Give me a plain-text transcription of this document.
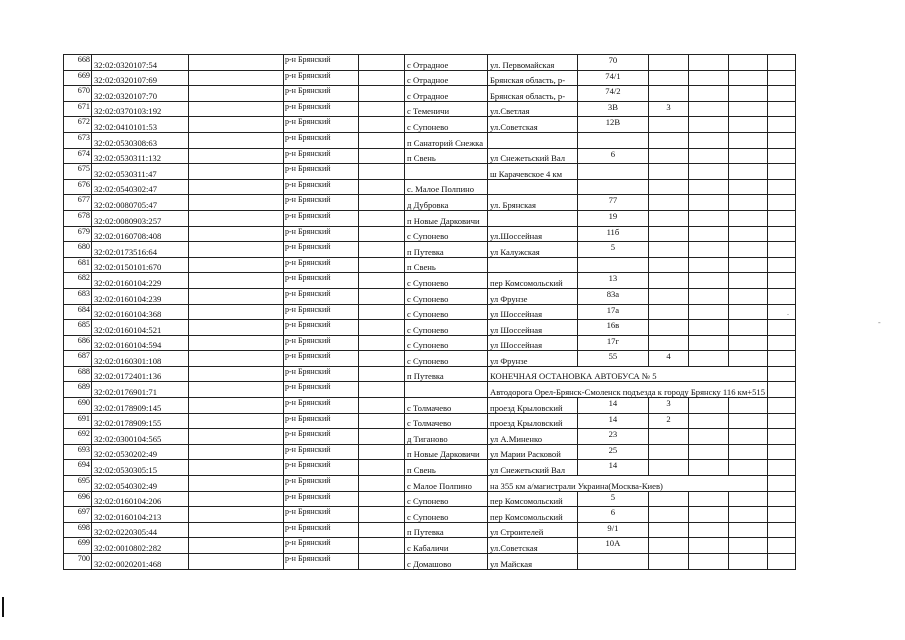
668	32:02:0320107:54		р-н Брянский		с Отрадное	ул. Первомайская	70				
669	32:02:0320107:69		р-н Брянский		с Отрадное	Брянская область, р-	74/1				
670	32:02:0320107:70		р-н Брянский		с Отрадное	Брянская область, р-	74/2				
671	32:02:0370103:192		р-н Брянский		с Теменичи	ул.Светлая	3В	3			
672	32:02:0410101:53		р-н Брянский		с Супонево	ул.Советская	12В				
673	32:02:0530308:63		р-н Брянский		п Санаторий Снежка						
674	32:02:0530311:132		р-н Брянский		п Свень	ул Снежетьский Вал	6				
675	32:02:0530311:47		р-н Брянский			ш Карачевское 4 км					
676	32:02:0540302:47		р-н Брянский		с. Малое Полпино						
677	32:02:0080705:47		р-н Брянский		д Дубровка	ул. Брянская	77				
678	32:02:0080903:257		р-н Брянский		п Новые Дарковичи		19				
679	32:02:0160708:408		р-н Брянский		с Супонево	ул.Шоссейная	11б				
680	32:02:0173516:64		р-н Брянский		п Путевка	ул Калужская	5				
681	32:02:0150101:670		р-н Брянский		п Свень						
682	32:02:0160104:229		р-н Брянский		с Супонево	пер Комсомольский	13				
683	32:02:0160104:239		р-н Брянский		с Супонево	ул Фрунзе	83а				
684	32:02:0160104:368		р-н Брянский		с Супонево	ул Шоссейная	17а				
685	32:02:0160104:521		р-н Брянский		с Супонево	ул Шоссейная	16в				
686	32:02:0160104:594		р-н Брянский		с Супонево	ул Шоссейная	17г				
687	32:02:0160301:108		р-н Брянский		с Супонево	ул Фрунзе	55	4			
688	32:02:0172401:136		р-н Брянский		п Путевка	КОНЕЧНАЯ ОСТАНОВКА АВТОБУСА № 5					
689	32:02:0176901:71		р-н Брянский			Автодорога Орел-Брянск-Смоленск подъезда к городу Брянску 116 км+515					
690	32:02:0178909:145		р-н Брянский		с Толмачево	проезд Крыловский	14	3			
691	32:02:0178909:155		р-н Брянский		с Толмачево	проезд Крыловский	14	2			
692	32:02:0300104:565		р-н Брянский		д Тиганово	ул А.Миненко	23				
693	32:02:0530202:49		р-н Брянский		п Новые Дарковичи	ул Марии Расковой	25				
694	32:02:0530305:15		р-н Брянский		п Свень	ул Снежетьский Вал	14				
695	32:02:0540302:49		р-н Брянский		с Малое Полпино	на 355 км а/магистрали Украина(Москва-Киев)					
696	32:02:0160104:206		р-н Брянский		с Супонево	пер Комсомольский	5				
697	32:02:0160104:213		р-н Брянский		с Супонево	пер Комсомольский	6				
698	32:02:0220305:44		р-н Брянский		п Путевка	ул Строителей	9/1				
699	32:02:0010802:282		р-н Брянский		с Кабаличи	ул.Советская	10А				
700	32:02:0020201:468		р-н Брянский		с Домашово	ул Майская					
.
-
